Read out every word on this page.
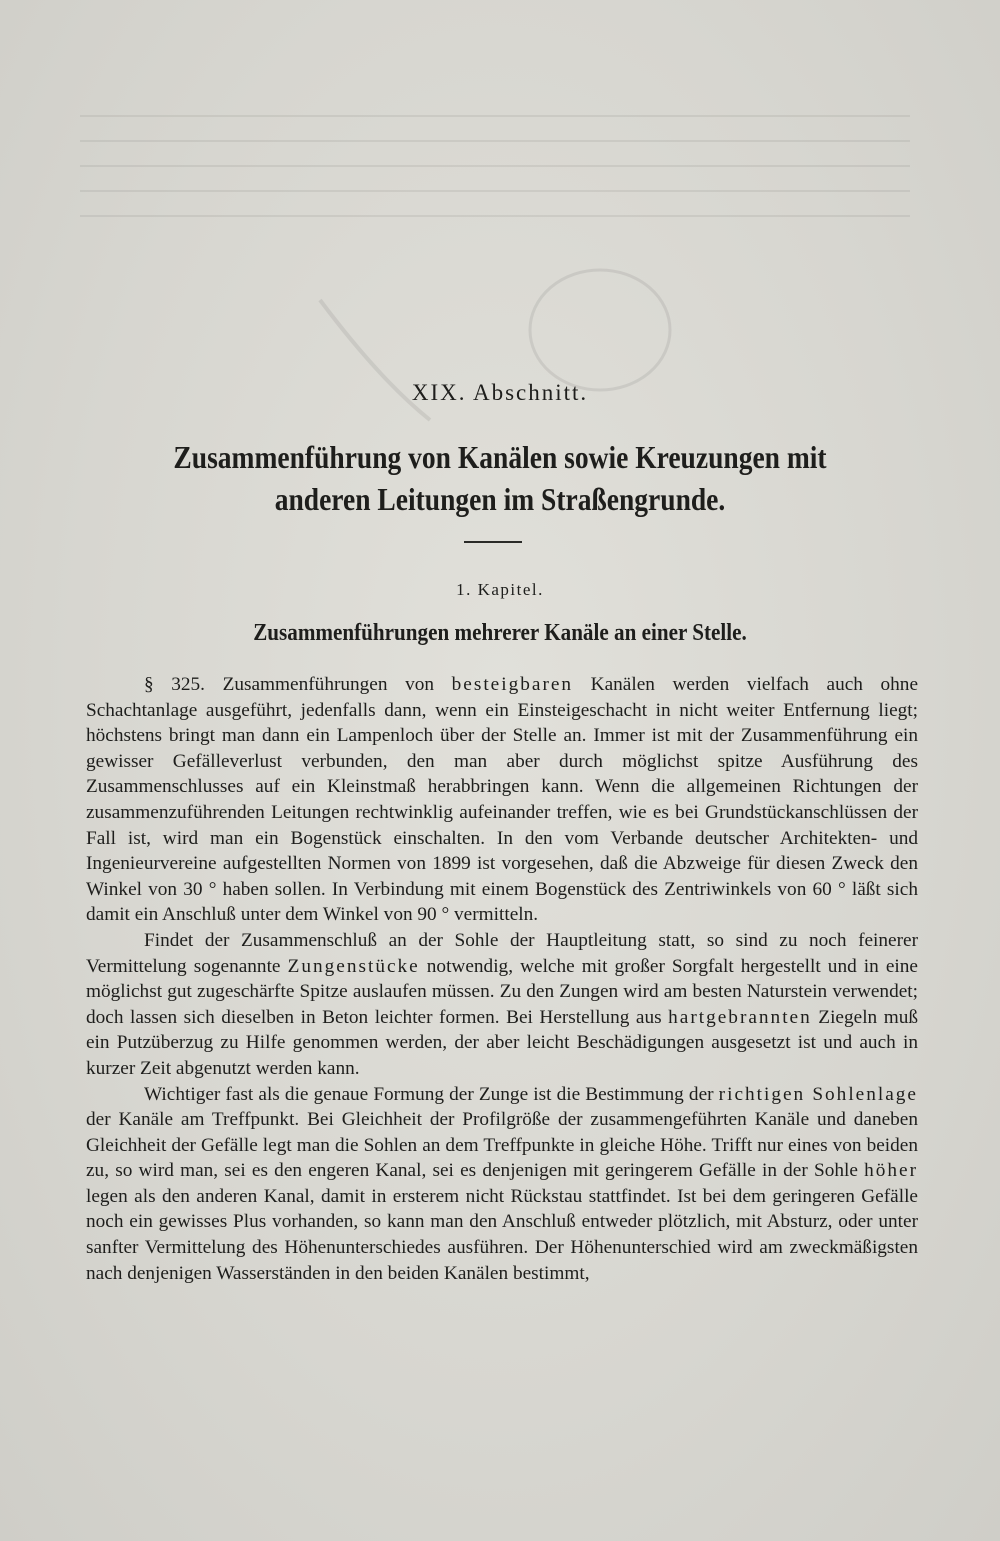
XIX. Abschnitt.
Zusammenführung von Kanälen sowie Kreuzungen mit
anderen Leitungen im Straßengrunde.
1. Kapitel.
Zusammenführungen mehrerer Kanäle an einer Stelle.

§ 325. Zusammenführungen von besteigbaren Kanälen werden vielfach auch ohne Schachtanlage ausgeführt, jedenfalls dann, wenn ein Einsteigeschacht in nicht weiter Entfernung liegt; höchstens bringt man dann ein Lampenloch über der Stelle an. Immer ist mit der Zusammenführung ein gewisser Gefälleverlust verbunden, den man aber durch möglichst spitze Ausführung des Zusammenschlusses auf ein Kleinstmaß herabbringen kann. Wenn die allgemeinen Richtungen der zusammenzuführenden Leitungen rechtwinklig aufeinander treffen, wie es bei Grundstückanschlüssen der Fall ist, wird man ein Bogenstück einschalten. In den vom Verbande deutscher Architekten- und Ingenieurvereine aufgestellten Normen von 1899 ist vorgesehen, daß die Abzweige für diesen Zweck den Winkel von 30 ° haben sollen. In Verbindung mit einem Bogenstück des Zentriwinkels von 60 ° läßt sich damit ein Anschluß unter dem Winkel von 90 ° vermitteln.

Findet der Zusammenschluß an der Sohle der Hauptleitung statt, so sind zu noch feinerer Vermittelung sogenannte Zungenstücke notwendig, welche mit großer Sorgfalt hergestellt und in eine möglichst gut zugeschärfte Spitze auslaufen müssen. Zu den Zungen wird am besten Naturstein verwendet; doch lassen sich dieselben in Beton leichter formen. Bei Herstellung aus hartgebrannten Ziegeln muß ein Putzüberzug zu Hilfe genommen werden, der aber leicht Beschädigungen ausgesetzt ist und auch in kurzer Zeit abgenutzt werden kann.

Wichtiger fast als die genaue Formung der Zunge ist die Bestimmung der richtigen Sohlenlage der Kanäle am Treffpunkt. Bei Gleichheit der Profilgröße der zusammengeführten Kanäle und daneben Gleichheit der Gefälle legt man die Sohlen an dem Treffpunkte in gleiche Höhe. Trifft nur eines von beiden zu, so wird man, sei es den engeren Kanal, sei es denjenigen mit geringerem Gefälle in der Sohle höher legen als den anderen Kanal, damit in ersterem nicht Rückstau stattfindet. Ist bei dem geringeren Gefälle noch ein gewisses Plus vorhanden, so kann man den Anschluß entweder plötzlich, mit Absturz, oder unter sanfter Vermittelung des Höhenunterschiedes ausführen. Der Höhenunterschied wird am zweckmäßigsten nach denjenigen Wasserständen in den beiden Kanälen bestimmt,
